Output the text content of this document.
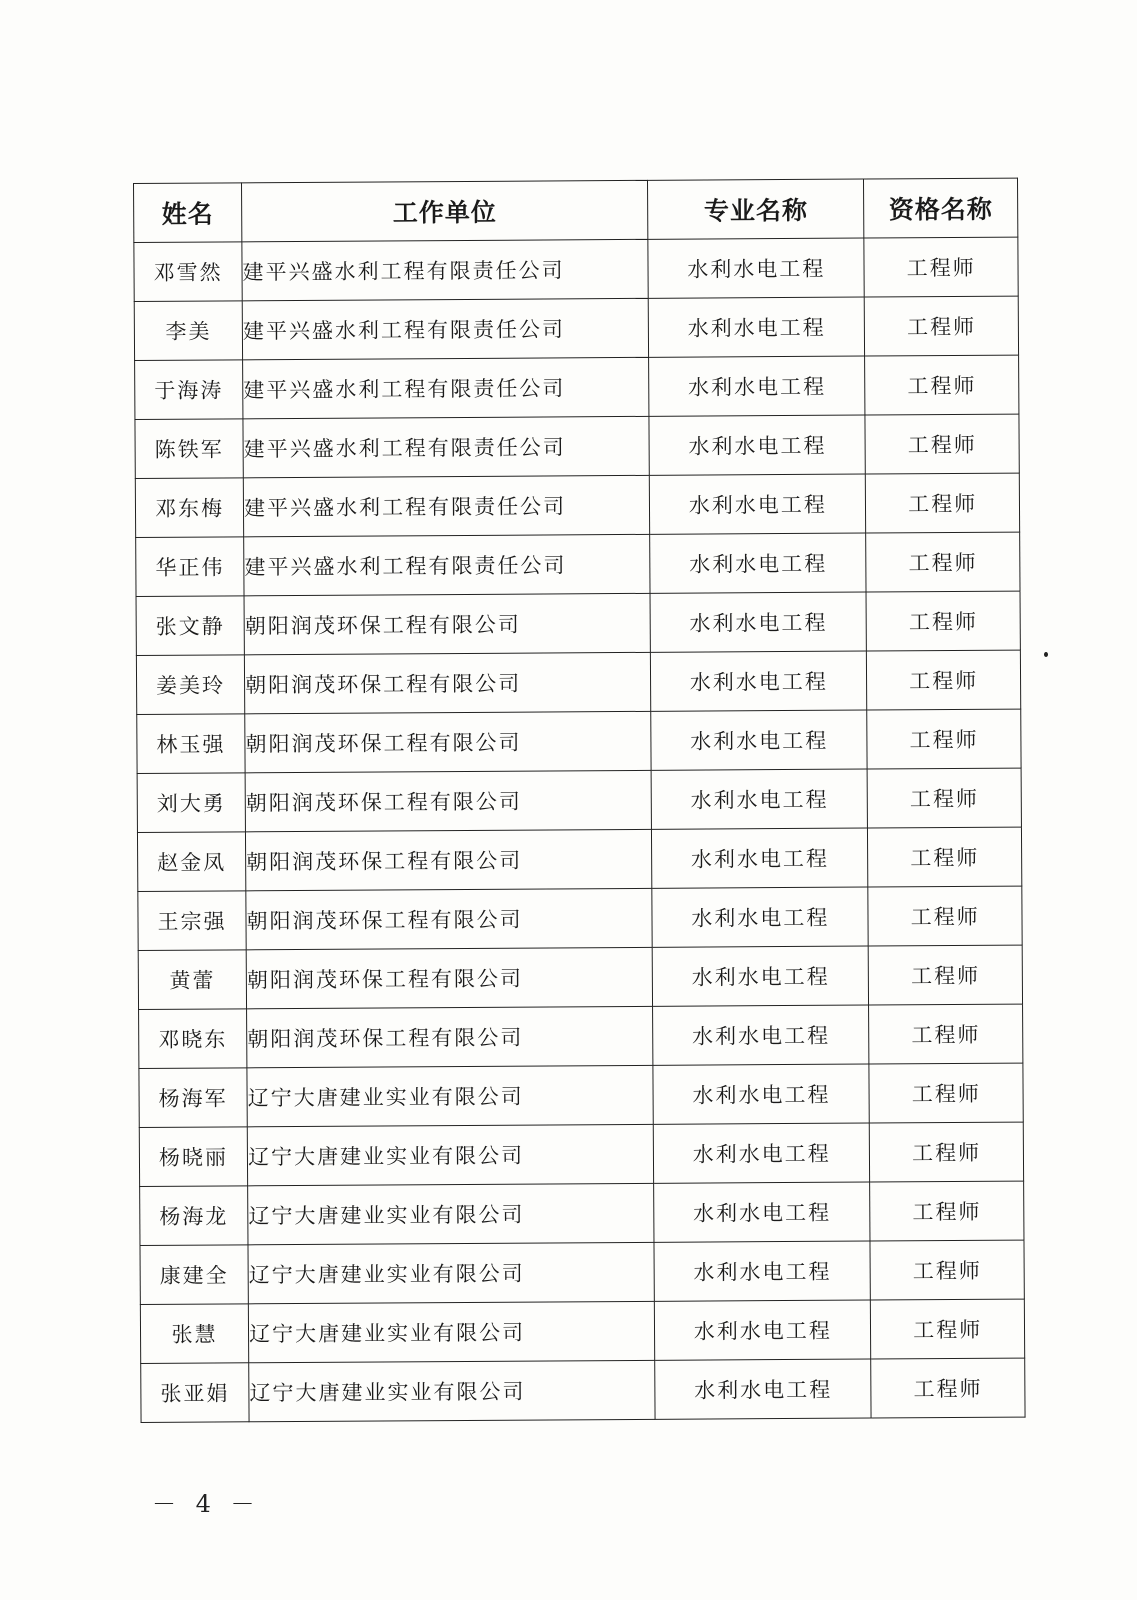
姓名	工作单位	专业名称	资格名称
邓雪然	建平兴盛水利工程有限责任公司	水利水电工程	工程师
李美	建平兴盛水利工程有限责任公司	水利水电工程	工程师
于海涛	建平兴盛水利工程有限责任公司	水利水电工程	工程师
陈铁军	建平兴盛水利工程有限责任公司	水利水电工程	工程师
邓东梅	建平兴盛水利工程有限责任公司	水利水电工程	工程师
华正伟	建平兴盛水利工程有限责任公司	水利水电工程	工程师
张文静	朝阳润茂环保工程有限公司	水利水电工程	工程师
姜美玲	朝阳润茂环保工程有限公司	水利水电工程	工程师
林玉强	朝阳润茂环保工程有限公司	水利水电工程	工程师
刘大勇	朝阳润茂环保工程有限公司	水利水电工程	工程师
赵金凤	朝阳润茂环保工程有限公司	水利水电工程	工程师
王宗强	朝阳润茂环保工程有限公司	水利水电工程	工程师
黄蕾	朝阳润茂环保工程有限公司	水利水电工程	工程师
邓晓东	朝阳润茂环保工程有限公司	水利水电工程	工程师
杨海军	辽宁大唐建业实业有限公司	水利水电工程	工程师
杨晓丽	辽宁大唐建业实业有限公司	水利水电工程	工程师
杨海龙	辽宁大唐建业实业有限公司	水利水电工程	工程师
康建全	辽宁大唐建业实业有限公司	水利水电工程	工程师
张慧	辽宁大唐建业实业有限公司	水利水电工程	工程师
张亚娟	辽宁大唐建业实业有限公司	水利水电工程	工程师
－ 4 －
